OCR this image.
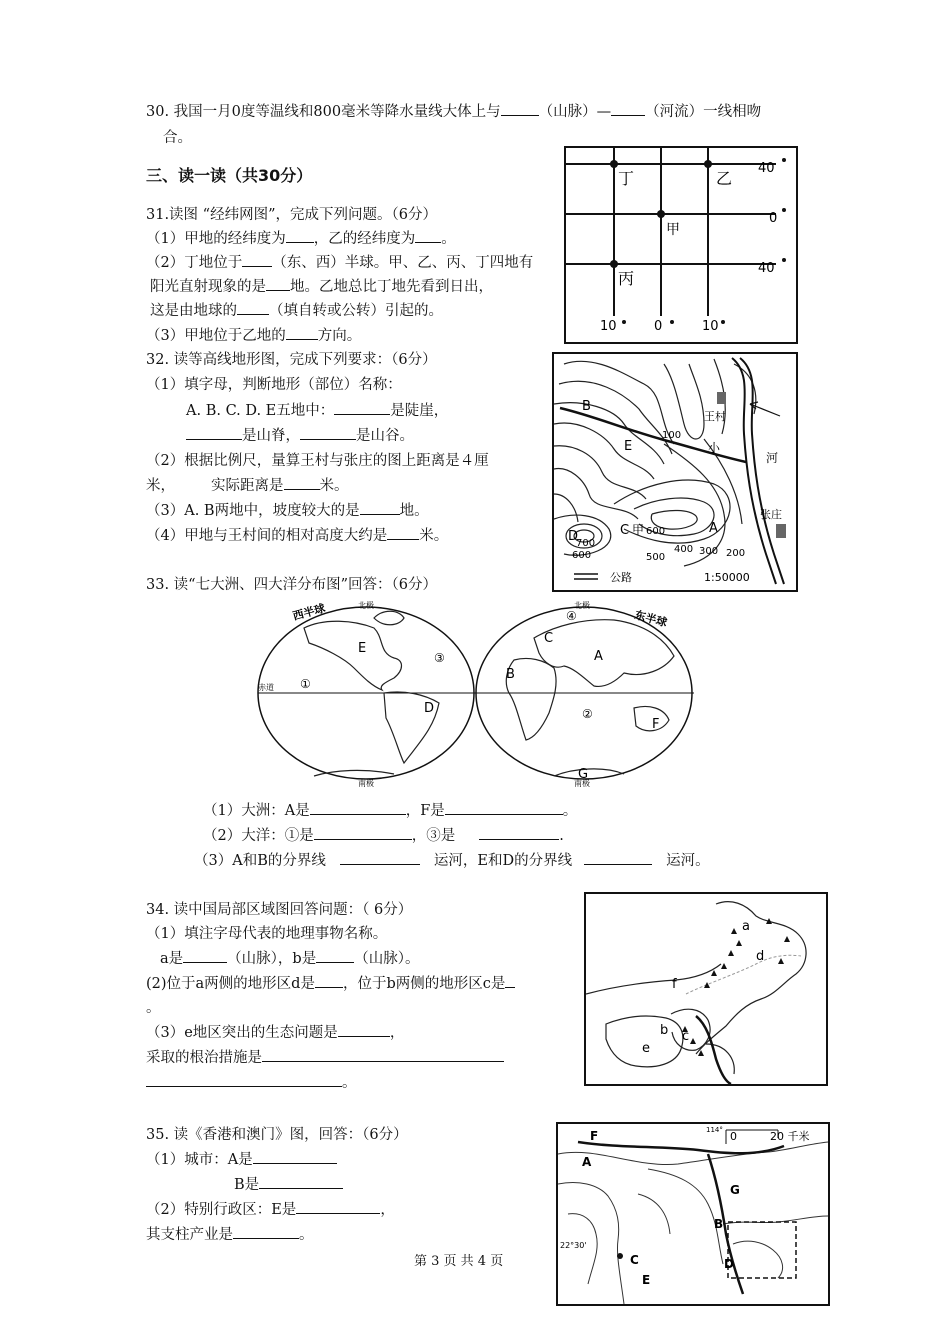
30. 我国一月0度等温线和800毫米等降水量线大体上与	（山脉）— （河流）一线相吻
合。
三、读一读（共30分）
31.读图 “经纬网图”，完成下列问题。（6分）
（1）甲地的经纬度为 ，乙的经纬度为 。
（2）丁地位于 （东、西）半球。甲、乙、丙、丁四地有
阳光直射现象的是 地。乙地总比丁地先看到日出，
这是由地球的 （填自转或公转）引起的。
（3）甲地位于乙地的 方向。
丁	乙
甲
丙
40
0
40
10	0	10
32. 读等高线地形图，完成下列要求：（6分）
（1）填字母，判断地形（部位）名称：
A. B. C. D. E五地中：	是陡崖，
是山脊，	是山谷。
（2）根据比例尺，量算王村与张庄的图上距离是４厘
米， 实际距离是 米。
（3）A. B两地中，坡度较大的是	地。
（4）甲地与王村间的相对高度大约是 米。
王村
张庄
小
河
B
E
A
C
D	甲
100
600
700
600	500
400 300 200
公路	1:50000
33. 读“七大洲、四大洋分布图”回答：（6分）
西半球	东半球
北极	北极
南极	南极
赤道
E
D
C
A
B
F
G
①
②
③
④
（1）大洲：A是	，F是	。
（2）大洋：①是	，③是	.
（3）A和B的分界线	运河，E和D的分界线	运河。
34. 读中国局部区域图回答问题：（ 6分）
（1）填注字母代表的地理事物名称。
a是	（山脉），b是	（山脉）。
(2)位于a两侧的地形区d是 ，位于b两侧的地形区c是
。
（3）e地区突出的生态问题是	，
采取的根治措施是
。
a
b c
d
e
f
35. 读《香港和澳门》图，回答：（6分）
（1）城市：A是
B是
（2）特别行政区：E是	，
其支柱产业是	。
F
A
G
B
C	D
E
0	20 千米
22°30'
114°
第 3 页 共 4 页
